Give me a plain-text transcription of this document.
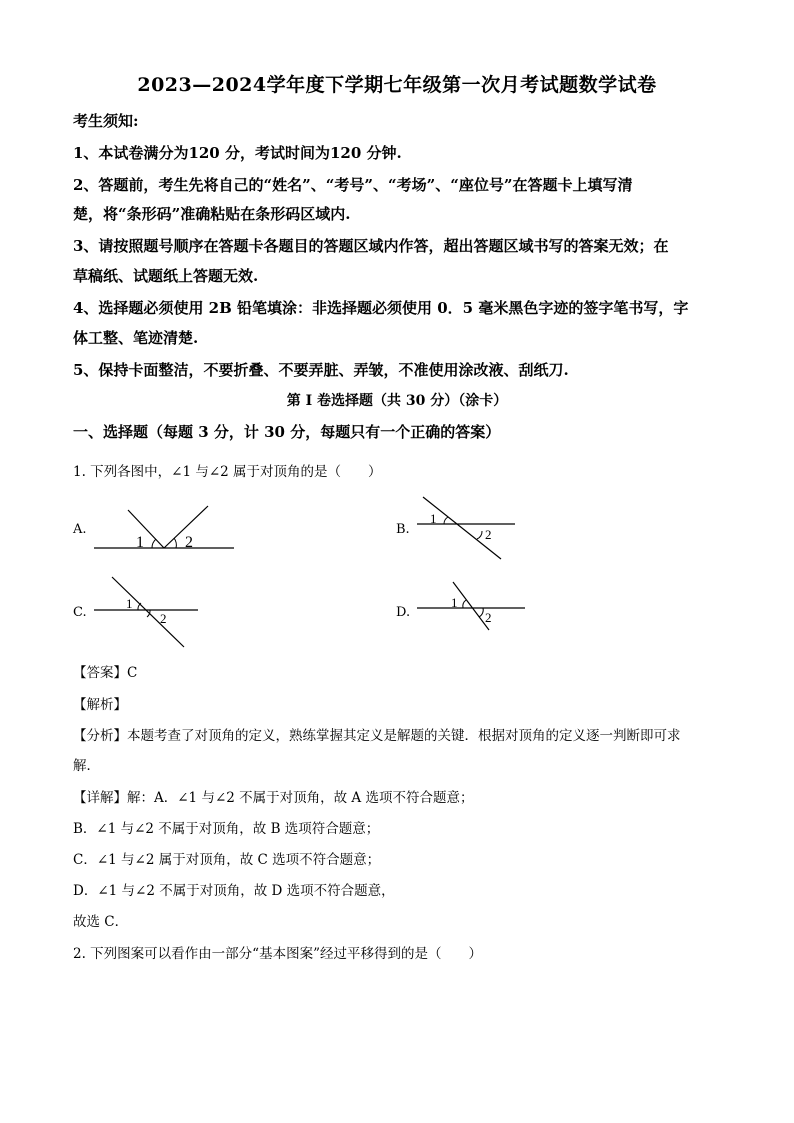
2023—2024学年度下学期七年级第一次月考试题数学试卷
考生须知:
1、本试卷满分为120 分，考试时间为120 分钟.
2、答题前，考生先将自己的“姓名”、“考号”、“考场”、“座位号”在答题卡上填写清
楚，将“条形码”准确粘贴在条形码区域内.
3、请按照题号顺序在答题卡各题目的答题区域内作答，超出答题区域书写的答案无效；在
草稿纸、试题纸上答题无效.
4、选择题必须使用 2B 铅笔填涂：非选择题必须使用 0．5 毫米黑色字迹的签字笔书写，字
体工整、笔迹清楚.
5、保持卡面整洁，不要折叠、不要弄脏、弄皱，不准使用涂改液、刮纸刀.
第 I 卷选择题（共 30 分）（涂卡）
一、选择题（每题 3 分，计 30 分，每题只有一个正确的答案）
1. 下列各图中，∠1 与∠2 属于对顶角的是（　　）
A.
1	2
B.
1
2
C.
1
2	D.
1
2
【答案】C
【解析】
【分析】本题考查了对顶角的定义，熟练掌握其定义是解题的关键．根据对顶角的定义逐一判断即可求
解．
【详解】解：A．∠1 与∠2 不属于对顶角，故 A 选项不符合题意；
B．∠1 与∠2 不属于对顶角，故 B 选项符合题意；
C．∠1 与∠2 属于对顶角，故 C 选项不符合题意；
D．∠1 与∠2 不属于对顶角，故 D 选项不符合题意，
故选 C．
2. 下列图案可以看作由一部分“基本图案”经过平移得到的是（　　）
